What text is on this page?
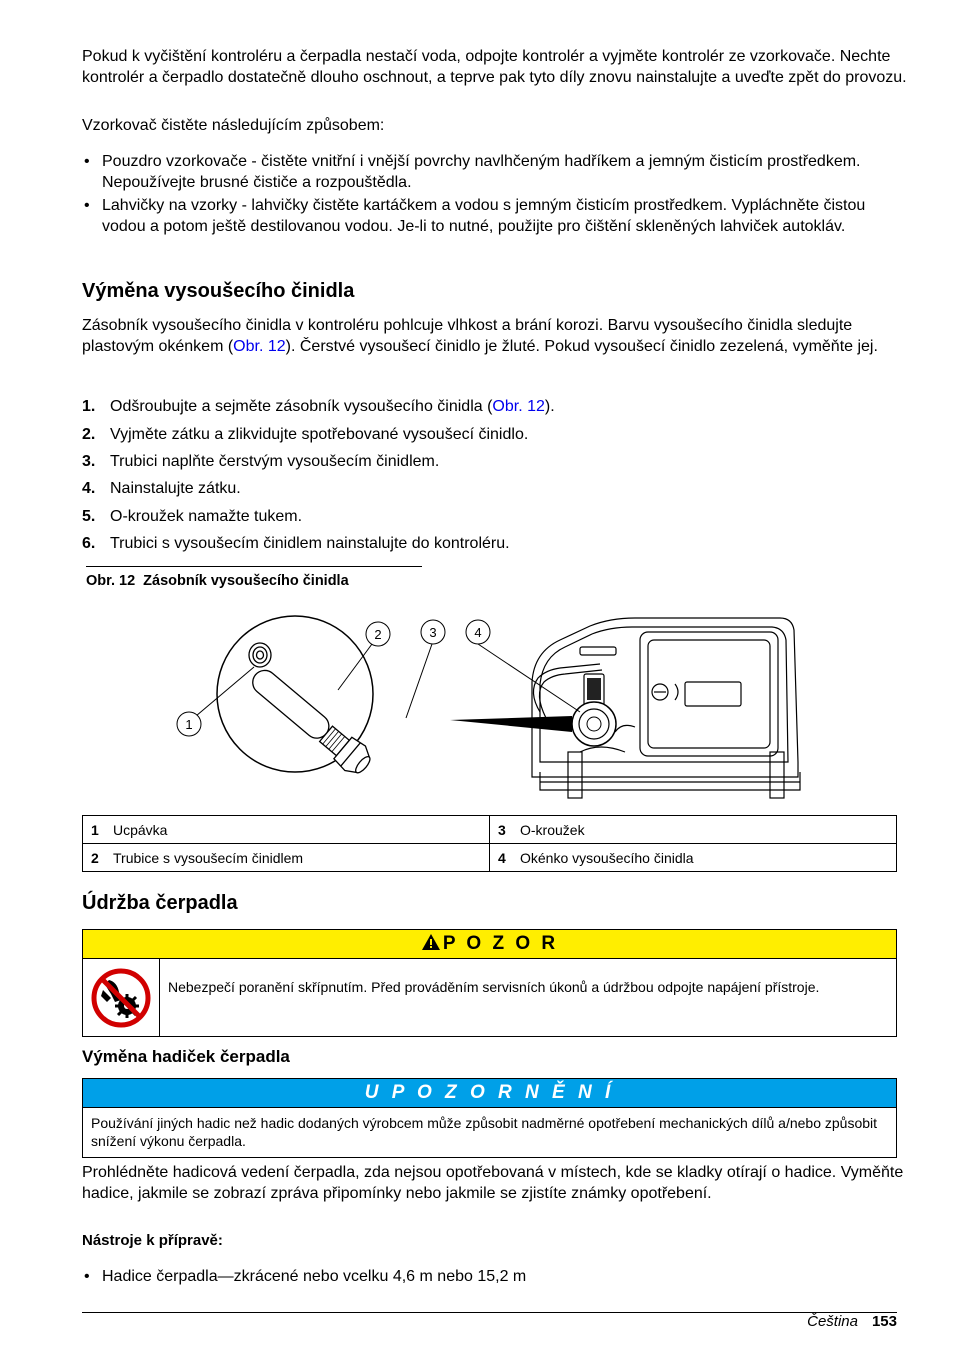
Pokud k vyčištění kontroléru a čerpadla nestačí voda, odpojte kontrolér a vyjměte kontrolér ze vzorkovače. Nechte kontrolér a čerpadlo dostatečně dlouho oschnout, a teprve pak tyto díly znovu nainstalujte a uveďte zpět do provozu.
Vzorkovač čistěte následujícím způsobem:
• Pouzdro vzorkovače - čistěte vnitřní i vnější povrchy navlhčeným hadříkem a jemným čisticím prostředkem. Nepoužívejte brusné čističe a rozpouštědla.
• Lahvičky na vzorky - lahvičky čistěte kartáčkem a vodou s jemným čisticím prostředkem. Vypláchněte čistou vodou a potom ještě destilovanou vodou. Je-li to nutné, použijte pro čištění skleněných lahviček autokláv.
Výměna vysoušecího činidla
Zásobník vysoušecího činidla v kontroléru pohlcuje vlhkost a brání korozi. Barvu vysoušecího činidla sledujte plastovým okénkem (Obr. 12). Čerstvé vysoušecí činidlo je žluté. Pokud vysoušecí činidlo zezelená, vyměňte jej.
1. Odšroubujte a sejměte zásobník vysoušecího činidla (Obr. 12).
2. Vyjměte zátku a zlikvidujte spotřebované vysoušecí činidlo.
3. Trubici naplňte čerstvým vysoušecím činidlem.
4. Nainstalujte zátku.
5. O-kroužek namažte tukem.
6. Trubici s vysoušecím činidlem nainstalujte do kontroléru.
Obr. 12 Zásobník vysoušecího činidla
1
2	3	4
1 Ucpávka	3 O-kroužek
2 Trubice s vysoušecím činidlem	4 Okénko vysoušecího činidla
Údržba čerpadla
P O Z O R
Nebezpečí poranění skřípnutím. Před prováděním servisních úkonů a údržbou odpojte napájení přístroje.
Výměna hadiček čerpadla
U P O Z O R N Ě N Í
Používání jiných hadic než hadic dodaných výrobcem může způsobit nadměrné opotřebení mechanických dílů a/nebo způsobit snížení výkonu čerpadla.
Prohlédněte hadicová vedení čerpadla, zda nejsou opotřebovaná v místech, kde se kladky otírají o hadice. Vyměňte hadice, jakmile se zobrazí zpráva připomínky nebo jakmile se zjistíte známky opotřebení.
Nástroje k přípravě:
• Hadice čerpadla—zkrácené nebo vcelku 4,6 m nebo 15,2 m
Čeština 153
